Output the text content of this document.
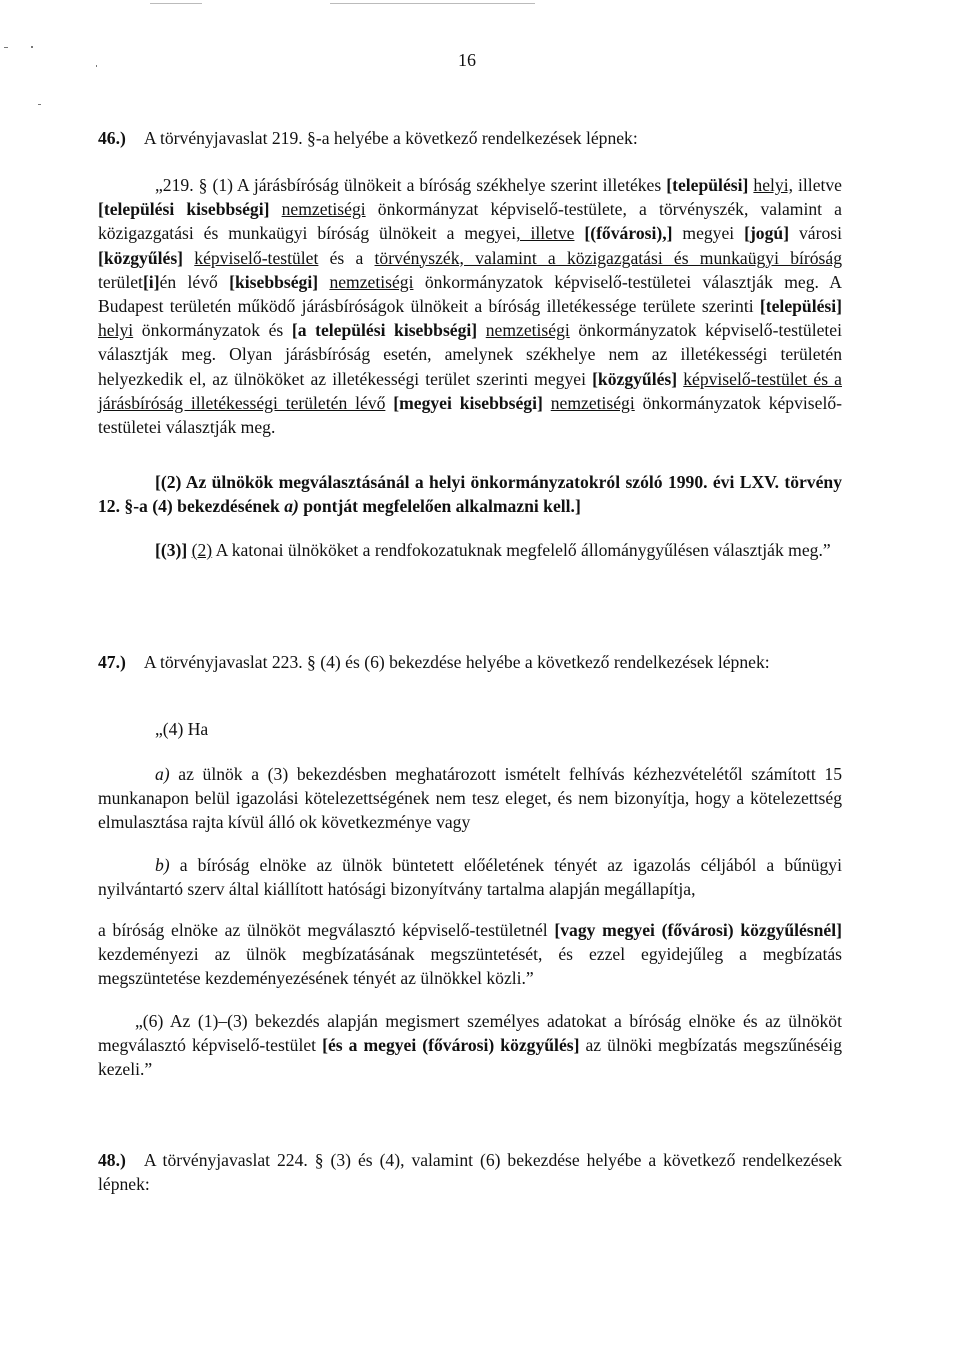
16

46.) A törvényjavaslat 219. §-a helyébe a következő rendelkezések lépnek:

„219. § (1) A járásbíróság ülnökeit a bíróság székhelye szerint illetékes [települési] helyi, illetve [települési kisebbségi] nemzetiségi önkormányzat képviselő-testülete, a törvényszék, valamint a közigazgatási és munkaügyi bíróság ülnökeit a megyei, illetve [(fővárosi),] megyei [jogú] városi [közgyűlés] képviselő-testület és a törvényszék, valamint a közigazgatási és munkaügyi bíróság terület[i]én lévő [kisebbségi] nemzetiségi önkormányzatok képviselő-testületei választják meg. A Budapest területén működő járásbíróságok ülnökeit a bíróság illetékessége területe szerinti [települési] helyi önkormányzatok és [a települési kisebbségi] nemzetiségi önkormányzatok képviselő-testületei választják meg. Olyan járásbíróság esetén, amelynek székhelye nem az illetékességi területén helyezkedik el, az ülnököket az illetékességi terület szerinti megyei [közgyűlés] képviselő-testület és a járásbíróság illetékességi területén lévő [megyei kisebbségi] nemzetiségi önkormányzatok képviselő-testületei választják meg.

[(2) Az ülnökök megválasztásánál a helyi önkormányzatokról szóló 1990. évi LXV. törvény 12. §-a (4) bekezdésének a) pontját megfelelően alkalmazni kell.]

[(3)] (2) A katonai ülnököket a rendfokozatuknak megfelelő állománygyűlésen választják meg.”

47.) A törvényjavaslat 223. § (4) és (6) bekezdése helyébe a következő rendelkezések lépnek:

„(4) Ha

a) az ülnök a (3) bekezdésben meghatározott ismételt felhívás kézhezvételétől számított 15 munkanapon belül igazolási kötelezettségének nem tesz eleget, és nem bizonyítja, hogy a kötelezettség elmulasztása rajta kívül álló ok következménye vagy

b) a bíróság elnöke az ülnök büntetett előéletének tényét az igazolás céljából a bűnügyi nyilvántartó szerv által kiállított hatósági bizonyítvány tartalma alapján megállapítja,

a bíróság elnöke az ülnököt megválasztó képviselő-testületnél [vagy megyei (fővárosi) közgyűlésnél] kezdeményezi az ülnök megbízatásának megszüntetését, és ezzel egyidejűleg a megbízatás megszüntetése kezdeményezésének tényét az ülnökkel közli.”

„(6) Az (1)–(3) bekezdés alapján megismert személyes adatokat a bíróság elnöke és az ülnököt megválasztó képviselő-testület [és a megyei (fővárosi) közgyűlés] az ülnöki megbízatás megszűnéséig kezeli.”

48.) A törvényjavaslat 224. § (3) és (4), valamint (6) bekezdése helyébe a következő rendelkezések lépnek:
